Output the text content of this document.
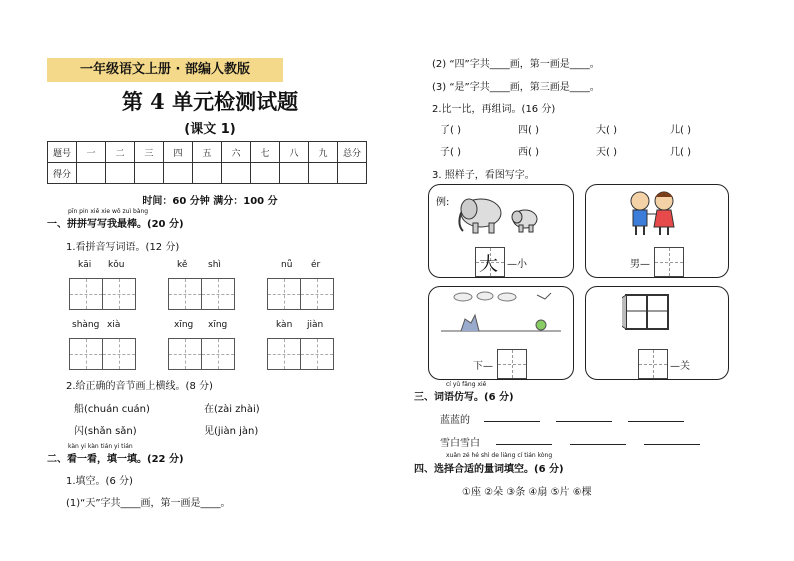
一年级语文上册 · 部编人教版
第 4 单元检测试题
(课文 1)
题号	一	二	三	四	五	六	七	八	九	总分
得分										
时间：60 分钟 满分：100 分
pīn pin xiě xie wǒ zuì bàng
一、拼拼写写我最棒。(20 分)
1.看拼音写词语。(12 分)
kāi kǒu	kě shì	nǚ ér
shàng xià	xīng xīng	kàn jiàn
2.给正确的音节画上横线。(8 分)
船(chuán cuán)	在(zài zhài)
闪(shǎn sǎn)	见(jiàn jàn)
kàn yi kàn tián yi tián
二、看一看，填一填。(22 分)
1.填空。(6 分)
(1)“天”字共____画，第一画是____。
(2) “四”字共____画，第一画是____。
(3) “是”字共____画，第三画是____。
2.比一比，再组词。(16 分)
了( )	四( )	大( )	儿( )
子( )	西( )	天( )	几( )
3. 照样子，看图写字。
例:
大 —小	男—
下—	—关
cí yǔ fǎng xiě
三、词语仿写。(6 分)
蓝蓝的
雪白雪白
xuǎn zé hé shì de liàng cí tián kòng
四、选择合适的量词填空。(6 分)
①座 ②朵 ③条 ④扇 ⑤片 ⑥棵
